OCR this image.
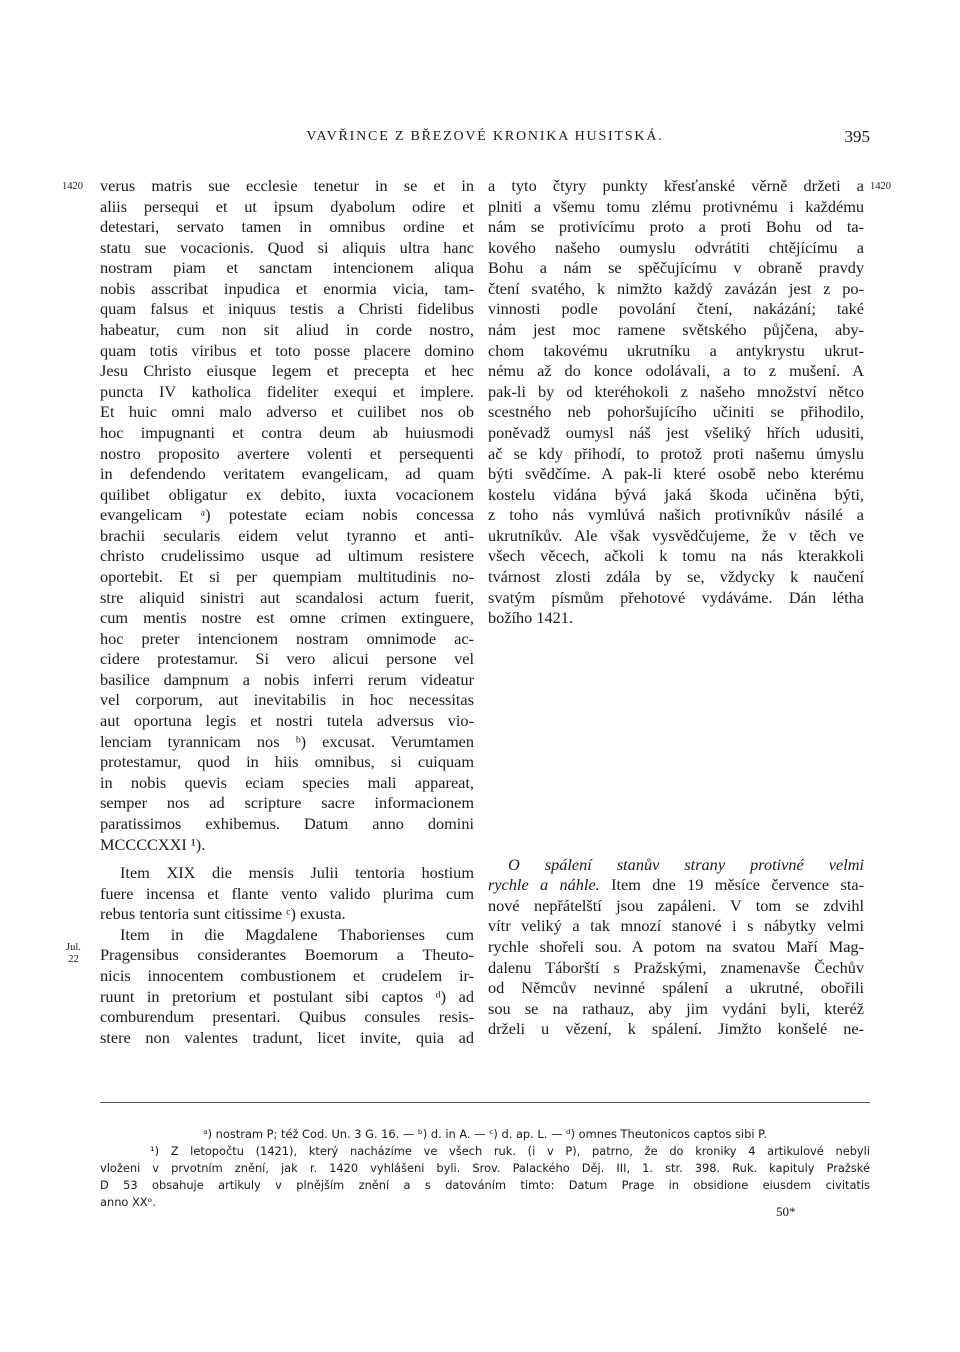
VAVŘINCE Z BŘEZOVÉ KRONIKA HUSITSKÁ.	395
1420	1420
Jul.
22
verus matris sue ecclesie tenetur in se et in
aliis persequi et ut ipsum dyabolum odire et
detestari, servato tamen in omnibus ordine et
statu sue vocacionis. Quod si aliquis ultra hanc
nostram piam et sanctam intencionem aliqua
nobis asscribat inpudica et enormia vicia, tam-
quam falsus et iniquus testis a Christi fidelibus
habeatur, cum non sit aliud in corde nostro,
quam totis viribus et toto posse placere domino
Jesu Christo eiusque legem et precepta et hec
puncta IV katholica fideliter exequi et implere.
Et huic omni malo adverso et cuilibet nos ob
hoc impugnanti et contra deum ab huiusmodi
nostro proposito avertere volenti et persequenti
in defendendo veritatem evangelicam, ad quam
quilibet obligatur ex debito, iuxta vocacionem
evangelicam ᵃ) potestate eciam nobis concessa
brachii secularis eidem velut tyranno et anti-
christo crudelissimo usque ad ultimum resistere
oportebit. Et si per quempiam multitudinis no-
stre aliquid sinistri aut scandalosi actum fuerit,
cum mentis nostre est omne crimen extinguere,
hoc preter intencionem nostram omnimode ac-
cidere protestamur. Si vero alicui persone vel
basilice dampnum a nobis inferri rerum videatur
vel corporum, aut inevitabilis in hoc necessitas
aut oportuna legis et nostri tutela adversus vio-
lenciam tyrannicam nos ᵇ) excusat. Verumtamen
protestamur, quod in hiis omnibus, si cuiquam
in nobis quevis eciam species mali appareat,
semper nos ad scripture sacre informacionem
paratissimos exhibemus. Datum anno domini
MCCCCXXI ¹).
Item XIX die mensis Julii tentoria hostium
fuere incensa et flante vento valido plurima cum
rebus tentoria sunt citissime ᶜ) exusta.
Item in die Magdalene Thaborienses cum
Pragensibus considerantes Boemorum a Theuto-
nicis innocentem combustionem et crudelem ir-
ruunt in pretorium et postulant sibi captos ᵈ) ad
comburendum presentari. Quibus consules resis-
stere non valentes tradunt, licet invite, quia ad
a tyto čtyry punkty křesťanské věrně držeti a
plniti a všemu tomu zlému protivnému i každému
nám se protivícímu proto a proti Bohu od ta-
kového našeho oumyslu odvrátiti chtějícímu a
Bohu a nám se spěčujícímu v obraně pravdy
čtení svatého, k nimžto každý zavázán jest z po-
vinnosti podle povolání čtení, nakázání; také
nám jest moc ramene světského půjčena, aby-
chom takovému ukrutníku a antykrystu ukrut-
nému až do konce odolávali, a to z mušení. A
pak-li by od kteréhokoli z našeho množství nětco
scestného neb pohoršujícího učiniti se přihodilo,
poněvadž oumysl náš jest všeliký hřích udusiti,
ač se kdy přihodí, to protož proti našemu úmyslu
býti svědčíme. A pak-li které osobě nebo kterému
kostelu vidána bývá jaká škoda učiněna býti,
z toho nás vymlúvá našich protivníkův násilé a
ukrutníkův. Ale však vysvědčujeme, že v těch ve
všech věcech, ačkoli k tomu na nás kterakkoli
tvárnost zlosti zdála by se, vždycky k naučení
svatým písmům přehotové vydáváme. Dán létha
božího 1421.
O spálení stanův strany protivné velmi
rychle a náhle. Item dne 19 měsíce července sta-
nové nepřátelští jsou zapáleni. V tom se zdvihl
vítr veliký a tak mnozí stanové i s nábytky velmi
rychle shořeli sou. A potom na svatou Maří Mag-
dalenu Táborští s Pražskými, znamenavše Čechův
od Němcův nevinné spálení a ukrutné, obořili
sou se na rathauz, aby jim vydáni byli, kteréž
drželi u vězení, k spálení. Jimžto konšelé ne-
ᵃ) nostram P; též Cod. Un. 3 G. 16. — ᵇ) d. in A. — ᶜ) d. ap. L. — ᵈ) omnes Theutonicos captos sibi P.
¹) Z letopočtu (1421), který nacházíme ve všech ruk. (i v P), patrno, že do kroniky 4 artikulové nebyli
vloženi v prvotním znění, jak r. 1420 vyhlášeni byli. Srov. Palackého Děj. III, 1. str. 398. Ruk. kapituly Pražské
D 53 obsahuje artikuly v plnějším znění a s datováním timto: Datum Prage in obsidione eiusdem civitatis
anno XXᵒ.
50*
